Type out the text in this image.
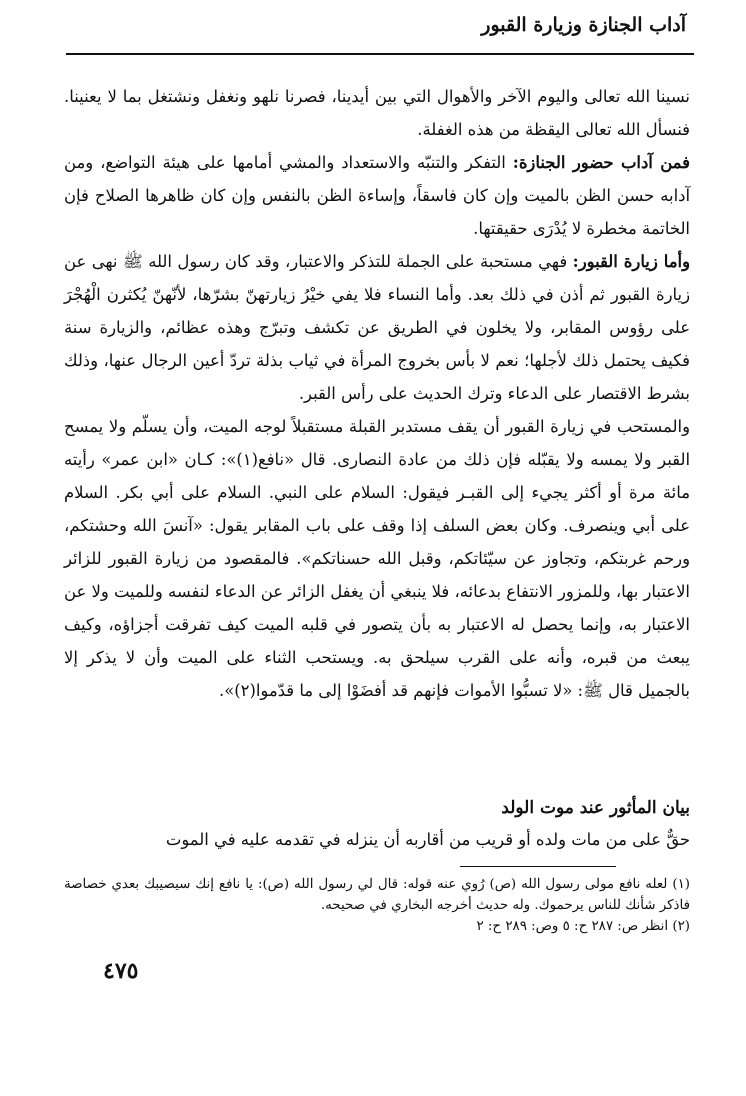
آداب الجنازة وزيارة القبور

نسينا الله تعالى واليوم الآخر والأهوال التي بين أيدينا، فصرنا نلهو ونغفل ونشتغل بما لا يعنينا. فنسأل الله تعالى اليقظة من هذه الغفلة.

فمن آداب حضور الجنازة: التفكر والتنبّه والاستعداد والمشي أمامها على هيئة التواضع، ومن آدابه حسن الظن بالميت وإن كان فاسقاً، وإساءة الظن بالنفس وإن كان ظاهرها الصلاح فإن الخاتمة مخطرة لا يُدْرَى حقيقتها.

وأما زيارة القبور: فهي مستحبة على الجملة للتذكر والاعتبار، وقد كان رسول الله ﷺ نهى عن زيارة القبور ثم أذن في ذلك بعد. وأما النساء فلا يفي خيْرُ زيارتهنّ بشرّها، لأنّهنّ يُكثرن الْهُجْرَ على رؤوس المقابر، ولا يخلون في الطريق عن تكشف وتبرّج وهذه عظائم، والزيارة سنة فكيف يحتمل ذلك لأجلها؛ نعم لا بأس بخروج المرأة في ثياب بذلة تردّ أعين الرجال عنها، وذلك بشرط الاقتصار على الدعاء وترك الحديث على رأس القبر.

والمستحب في زيارة القبور أن يقف مستدبر القبلة مستقبلاً لوجه الميت، وأن يسلّم ولا يمسح القبر ولا يمسه ولا يقبّله فإن ذلك من عادة النصارى. قال «نافع(١)»: كـان «ابن عمر» رأيته مائة مرة أو أكثر يجيء إلى القبـر فيقول: السلام على النبي. السلام على أبي بكر. السلام على أبي وينصرف. وكان بعض السلف إذا وقف على باب المقابر يقول: «آنسَ الله وحشتكم، ورحم غربتكم، وتجاوز عن سيّئاتكم، وقبل الله حسناتكم». فالمقصود من زيارة القبور للزائر الاعتبار بها، وللمزور الانتفاع بدعائه، فلا ينبغي أن يغفل الزائر عن الدعاء لنفسه وللميت ولا عن الاعتبار به، وإنما يحصل له الاعتبار به بأن يتصور في قلبه الميت كيف تفرقت أجزاؤه، وكيف يبعث من قبره، وأنه على القرب سيلحق به. ويستحب الثناء على الميت وأن لا يذكر إلا بالجميل قال ﷺ: «لا تسبُّوا الأموات فإنهم قد أفضَوْا إلى ما قدّموا(٢)».

بيان المأثور عند موت الولد

حقٌّ على من مات ولده أو قريب من أقاربه أن ينزله في تقدمه عليه في الموت

(١) لعله نافع مولى رسول الله (ص) رُوي عنه قوله: قال لي رسول الله (ص): يا نافع إنك سيصيبك بعدي خصاصة فاذكر شأنك للناس يرحموك. وله حديث أخرجه البخاري في صحيحه.

(٢) انظر ص: ٢٨٧ ح: ٥ وص: ٢٨٩ ح: ٢

٤٧٥
